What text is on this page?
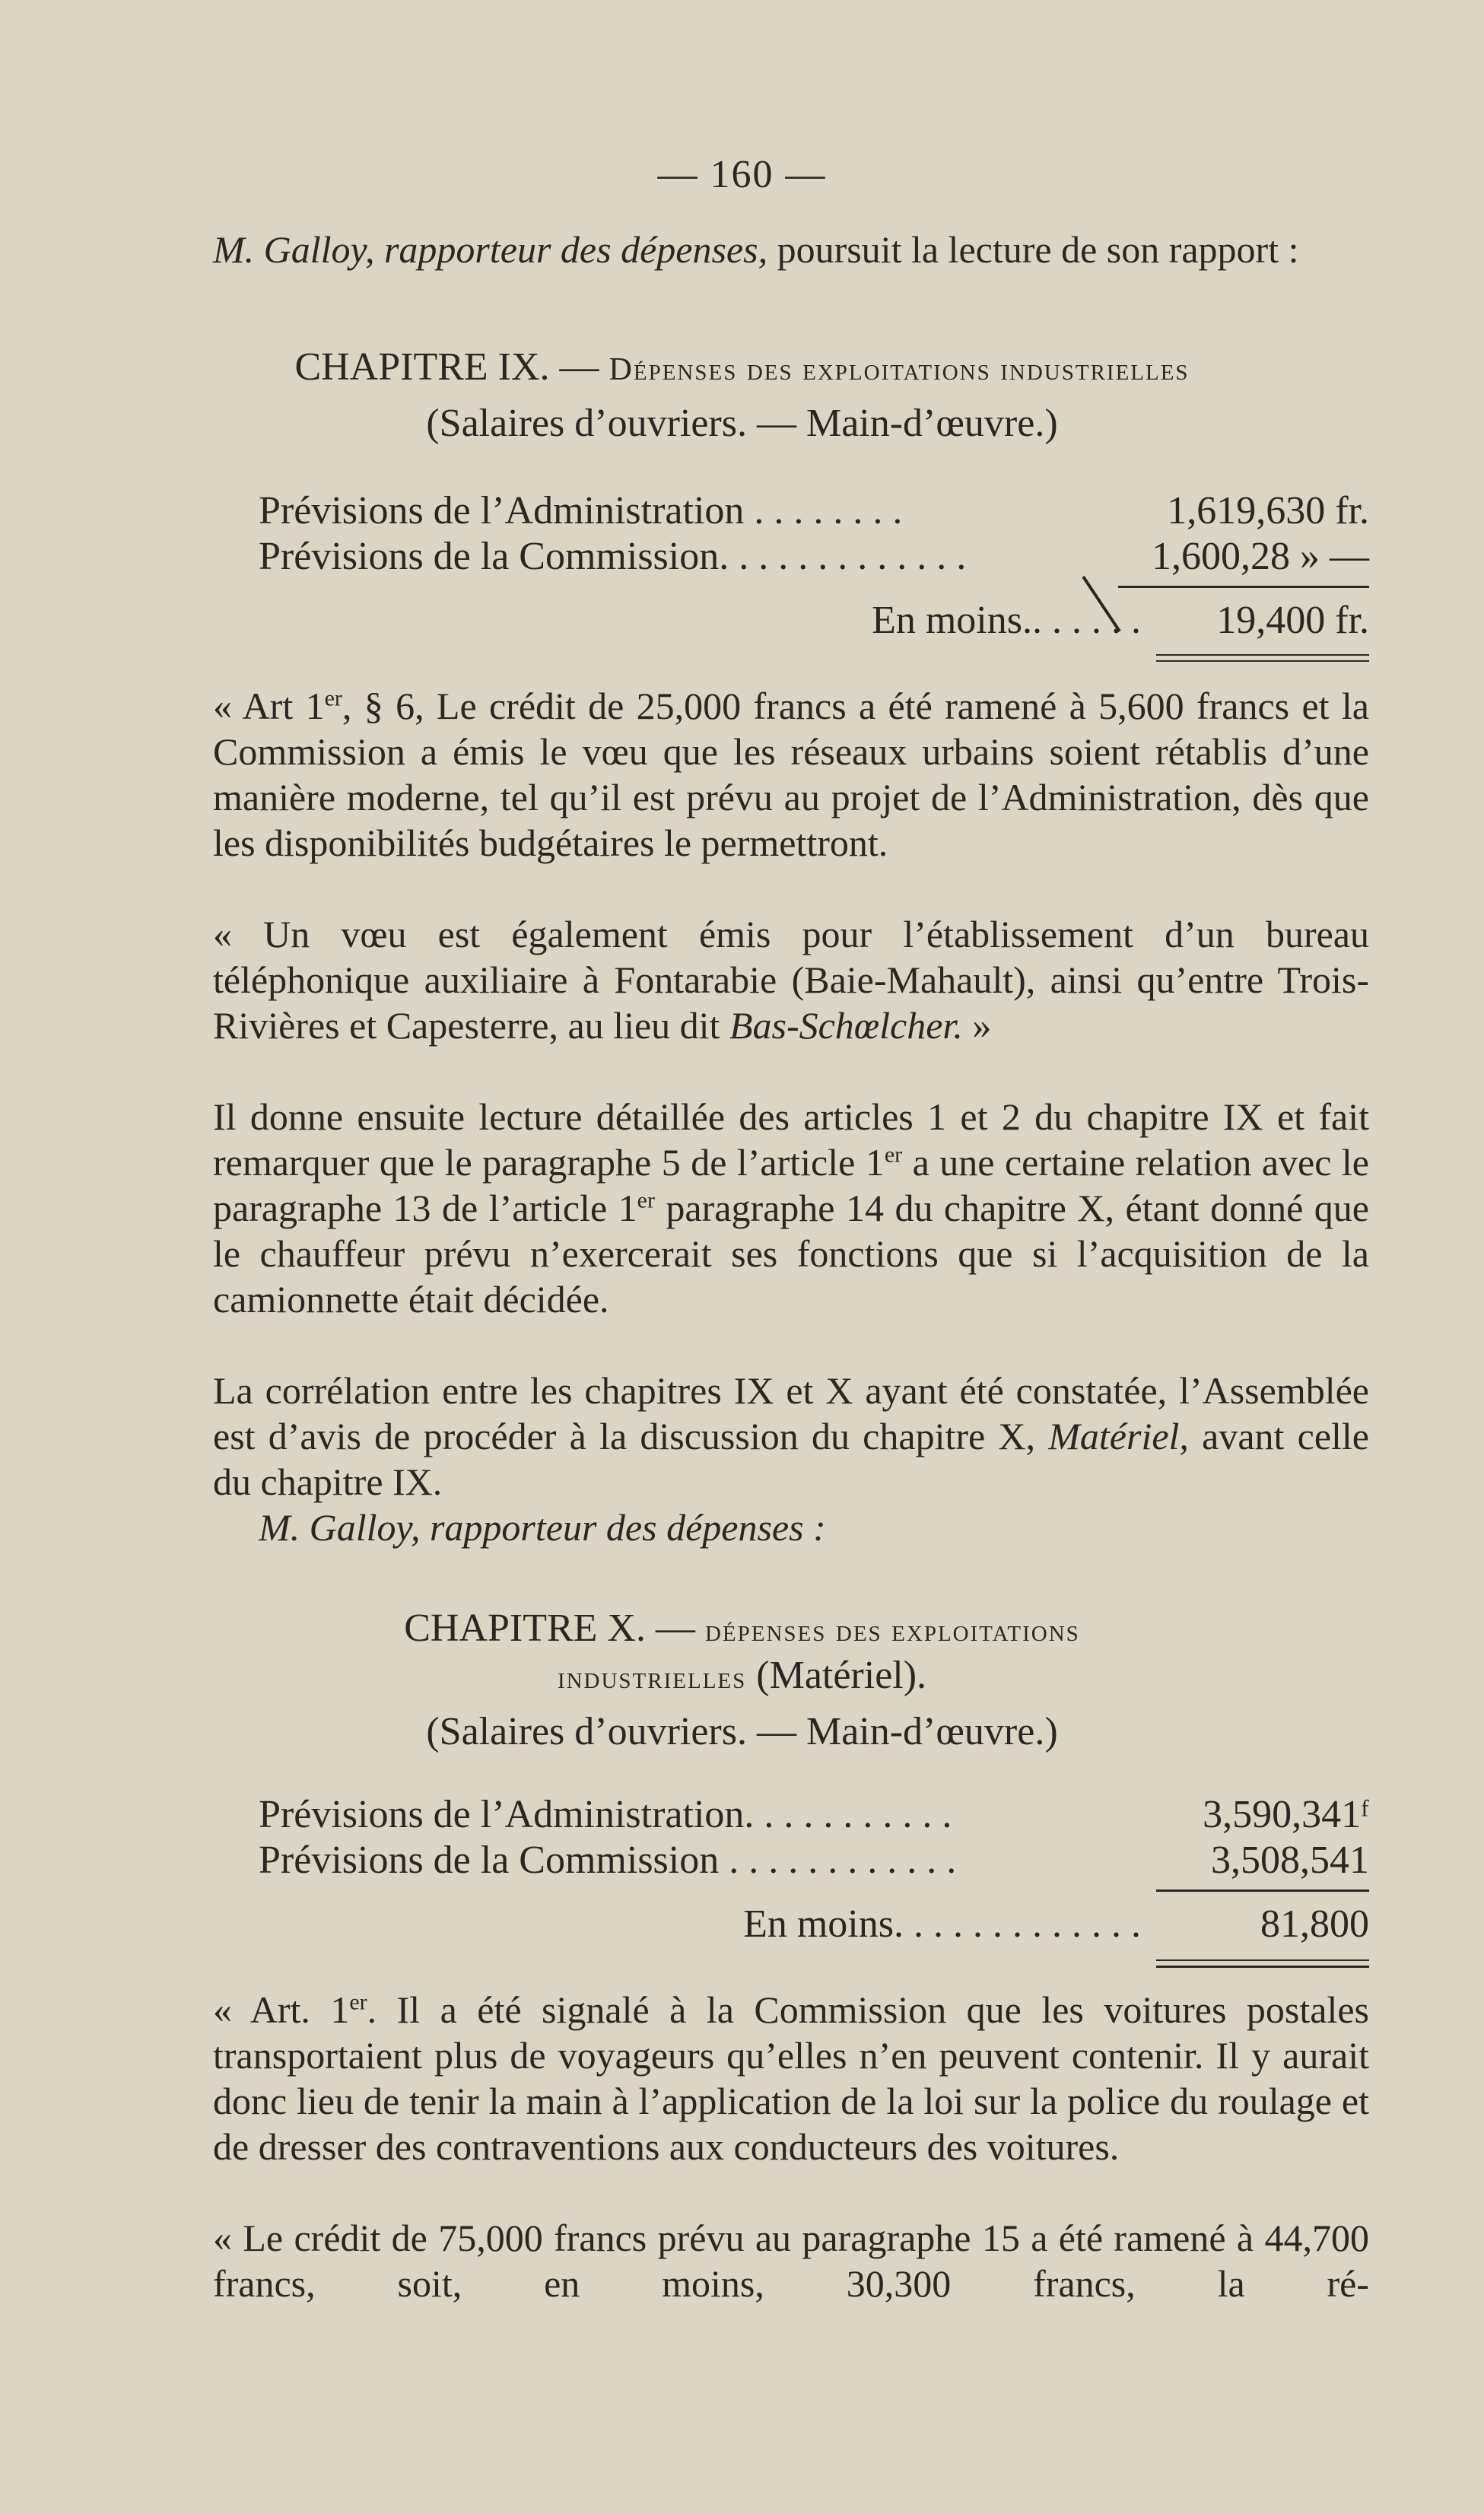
— 160 —

M. Galloy, rapporteur des dépenses, poursuit la lecture de son rapport :

CHAPITRE IX. — Dépenses des exploitations industrielles
(Salaires d’ouvriers. — Main-d’œuvre.)
Prévisions de l’Administration . . . . . . . .	1,619,630 fr.
Prévisions de la Commission. . . . . . . . . . . . .	1,600,28 » —
En moins.. . . . . . 19,400 fr.

« Art 1er, § 6, Le crédit de 25,000 francs a été ramené à 5,600 francs et la Commission a émis le vœu que les réseaux urbains soient rétablis d’une manière moderne, tel qu’il est prévu au projet de l’Administration, dès que les disponibilités budgétaires le permettront.

« Un vœu est également émis pour l’établissement d’un bureau téléphonique auxiliaire à Fontarabie (Baie-Mahault), ainsi qu’entre Trois-Rivières et Capesterre, au lieu dit Bas-Schœlcher. »

Il donne ensuite lecture détaillée des articles 1 et 2 du chapitre IX et fait remarquer que le paragraphe 5 de l’article 1er a une certaine relation avec le paragraphe 13 de l’article 1er paragraphe 14 du chapitre X, étant donné que le chauffeur prévu n’exercerait ses fonctions que si l’acquisition de la camionnette était décidée.

La corrélation entre les chapitres IX et X ayant été constatée, l’Assemblée est d’avis de procéder à la discussion du chapitre X, Matériel, avant celle du chapitre IX.

M. Galloy, rapporteur des dépenses :

CHAPITRE X. — dépenses des exploitations
industrielles (Matériel).
(Salaires d’ouvriers. — Main-d’œuvre.)
Prévisions de l’Administration. . . . . . . . . . .	3,590,341ᶠ
Prévisions de la Commission . . . . . . . . . . . .	3,508,541
En moins. . . . . . . . . . . . .	81,800

« Art. 1er. Il a été signalé à la Commission que les voitures postales transportaient plus de voyageurs qu’elles n’en peuvent contenir. Il y aurait donc lieu de tenir la main à l’application de la loi sur la police du roulage et de dresser des contraventions aux conducteurs des voitures.

« Le crédit de 75,000 francs prévu au paragraphe 15 a été ramené à 44,700 francs, soit, en moins, 30,300 francs, la ré-
